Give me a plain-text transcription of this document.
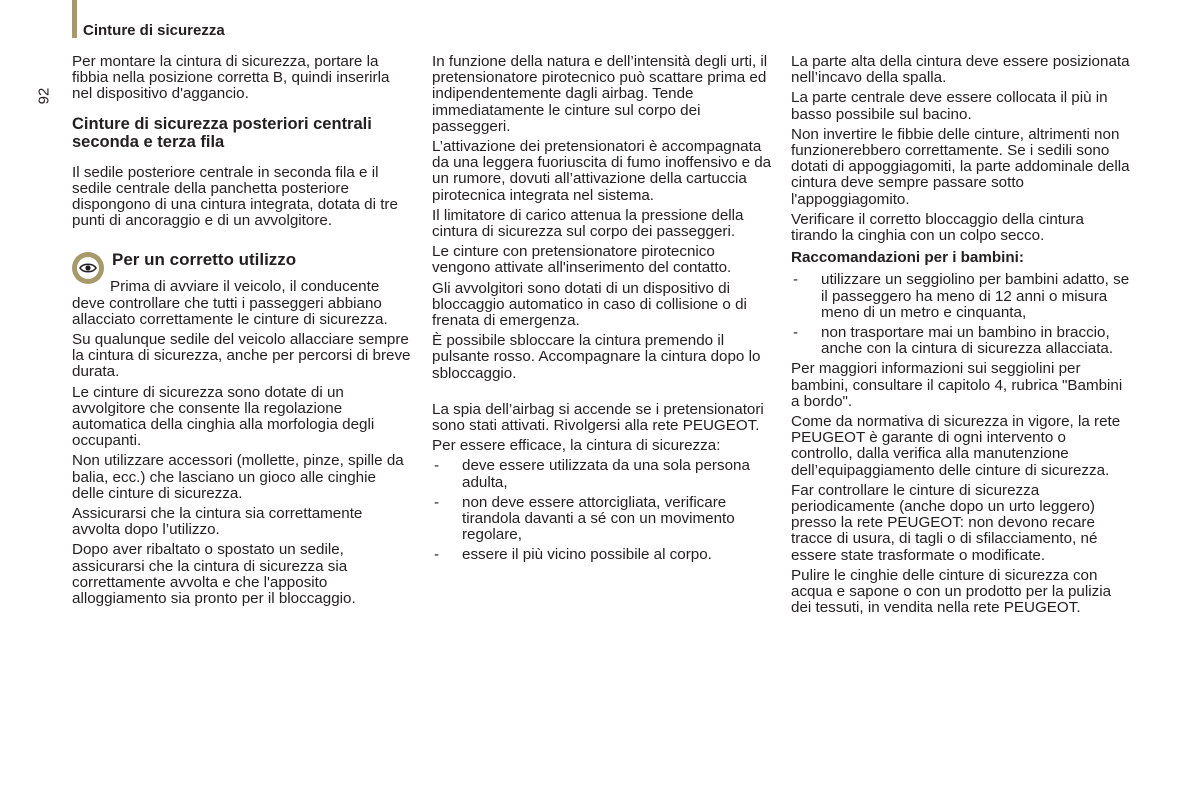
Cinture di sicurezza
92

Per montare la cintura di sicurezza, portare la fibbia nella posizione corretta B, quindi inserirla nel dispositivo d'aggancio.

Cinture di sicurezza posteriori centrali seconda e terza fila

Il sedile posteriore centrale in seconda fila e il sedile centrale della panchetta posteriore dispongono di una cintura integrata, dotata di tre punti di ancoraggio e di un avvolgitore.

Per un corretto utilizzo

Prima di avviare il veicolo, il conducente deve controllare che tutti i passeggeri abbiano allacciato correttamente le cinture di sicurezza.

Su qualunque sedile del veicolo allacciare sempre la cintura di sicurezza, anche per percorsi di breve durata.

Le cinture di sicurezza sono dotate di un avvolgitore che consente lla regolazione automatica della cinghia alla morfologia degli occupanti.

Non utilizzare accessori (mollette, pinze, spille da balia, ecc.) che lasciano un gioco alle cinghie delle cinture di sicurezza.

Assicurarsi che la cintura sia correttamente avvolta dopo l’utilizzo.

Dopo aver ribaltato o spostato un sedile, assicurarsi che la cintura di sicurezza sia correttamente avvolta e che l'apposito alloggiamento sia pronto per il bloccaggio.

In funzione della natura e dell’intensità degli urti, il pretensionatore pirotecnico può scattare prima ed indipendentemente dagli airbag. Tende immediatamente le cinture sul corpo dei passeggeri.

L’attivazione dei pretensionatori è accompagnata da una leggera fuoriuscita di fumo inoffensivo e da un rumore, dovuti all’attivazione della cartuccia pirotecnica integrata nel sistema.

Il limitatore di carico attenua la pressione della cintura di sicurezza sul corpo dei passeggeri.

Le cinture con pretensionatore pirotecnico vengono attivate all'inserimento del contatto.

Gli avvolgitori sono dotati di un dispositivo di bloccaggio automatico in caso di collisione o di frenata di emergenza.

È possibile sbloccare la cintura premendo il pulsante rosso. Accompagnare la cintura dopo lo sbloccaggio.

La spia dell’airbag si accende se i pretensionatori sono stati attivati. Rivolgersi alla rete PEUGEOT.

Per essere efficace, la cintura di sicurezza:

- deve essere utilizzata da una sola persona adulta,
- non deve essere attorcigliata, verificare tirandola davanti a sé con un movimento regolare,
- essere il più vicino possibile al corpo.

La parte alta della cintura deve essere posizionata nell’incavo della spalla.

La parte centrale deve essere collocata il più in basso possibile sul bacino.

Non invertire le fibbie delle cinture, altrimenti non funzionerebbero correttamente. Se i sedili sono dotati di appoggiagomiti, la parte addominale della cintura deve sempre passare sotto l'appoggiagomito.

Verificare il corretto bloccaggio della cintura tirando la cinghia con un colpo secco.

Raccomandazioni per i bambini:
- utilizzare un seggiolino per bambini adatto, se il passeggero ha meno di 12 anni o misura meno di un metro e cinquanta,
- non trasportare mai un bambino in braccio, anche con la cintura di sicurezza allacciata.

Per maggiori informazioni sui seggiolini per bambini, consultare il capitolo 4, rubrica "Bambini a bordo".

Come da normativa di sicurezza in vigore, la rete PEUGEOT è garante di ogni intervento o controllo, dalla verifica alla manutenzione dell’equipaggiamento delle cinture di sicurezza.

Far controllare le cinture di sicurezza periodicamente (anche dopo un urto leggero) presso la rete PEUGEOT: non devono recare tracce di usura, di tagli o di sfilacciamento, né essere state trasformate o modificate.

Pulire le cinghie delle cinture di sicurezza con acqua e sapone o con un prodotto per la pulizia dei tessuti, in vendita nella rete PEUGEOT.
